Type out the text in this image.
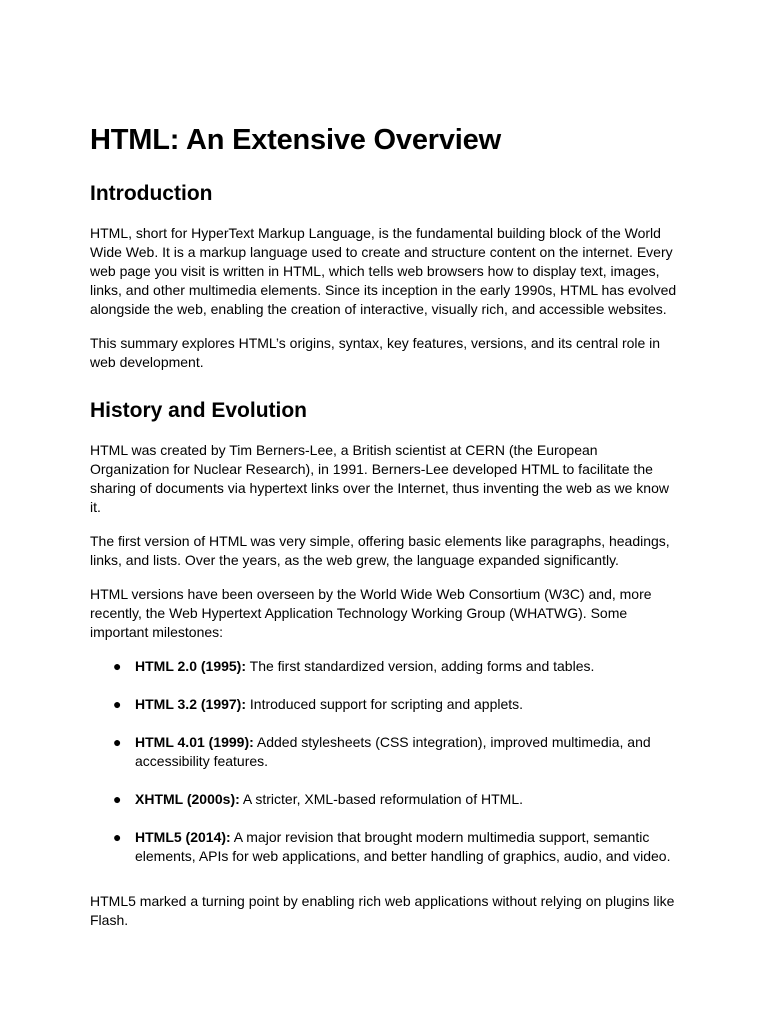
HTML: An Extensive Overview
Introduction

HTML, short for HyperText Markup Language, is the fundamental building block of the World Wide Web. It is a markup language used to create and structure content on the internet. Every web page you visit is written in HTML, which tells web browsers how to display text, images, links, and other multimedia elements. Since its inception in the early 1990s, HTML has evolved alongside the web, enabling the creation of interactive, visually rich, and accessible websites.

This summary explores HTML’s origins, syntax, key features, versions, and its central role in web development.

History and Evolution

HTML was created by Tim Berners-Lee, a British scientist at CERN (the European Organization for Nuclear Research), in 1991. Berners-Lee developed HTML to facilitate the sharing of documents via hypertext links over the Internet, thus inventing the web as we know it.

The first version of HTML was very simple, offering basic elements like paragraphs, headings, links, and lists. Over the years, as the web grew, the language expanded significantly.

HTML versions have been overseen by the World Wide Web Consortium (W3C) and, more recently, the Web Hypertext Application Technology Working Group (WHATWG). Some important milestones:

● HTML 2.0 (1995): The first standardized version, adding forms and tables.
● HTML 3.2 (1997): Introduced support for scripting and applets.
● HTML 4.01 (1999): Added stylesheets (CSS integration), improved multimedia, and accessibility features.
● XHTML (2000s): A stricter, XML-based reformulation of HTML.
● HTML5 (2014): A major revision that brought modern multimedia support, semantic elements, APIs for web applications, and better handling of graphics, audio, and video.

HTML5 marked a turning point by enabling rich web applications without relying on plugins like Flash.
